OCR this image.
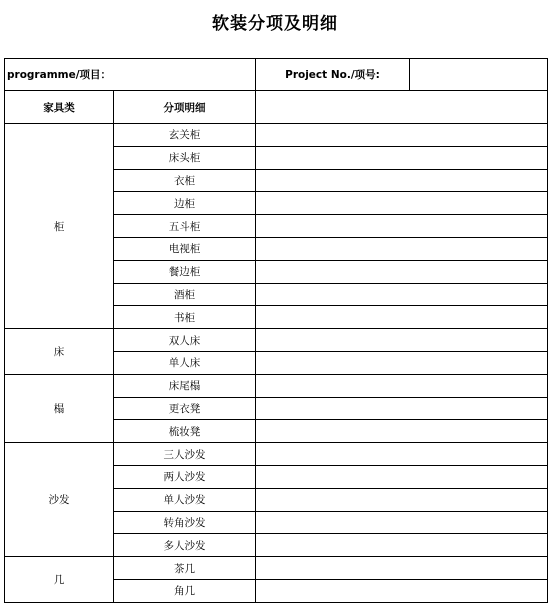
软装分项及明细
programme/项目：		Project No./项号:	
家具类	分项明细		
柜	玄关柜		
	床头柜		
	衣柜		
	边柜		
	五斗柜		
	电视柜		
	餐边柜		
	酒柜		
	书柜		
床	双人床		
	单人床		
榻	床尾榻		
	更衣凳		
	梳妆凳		
沙发	三人沙发		
	两人沙发		
	单人沙发		
	转角沙发		
	多人沙发		
几	茶几		
	角几		
